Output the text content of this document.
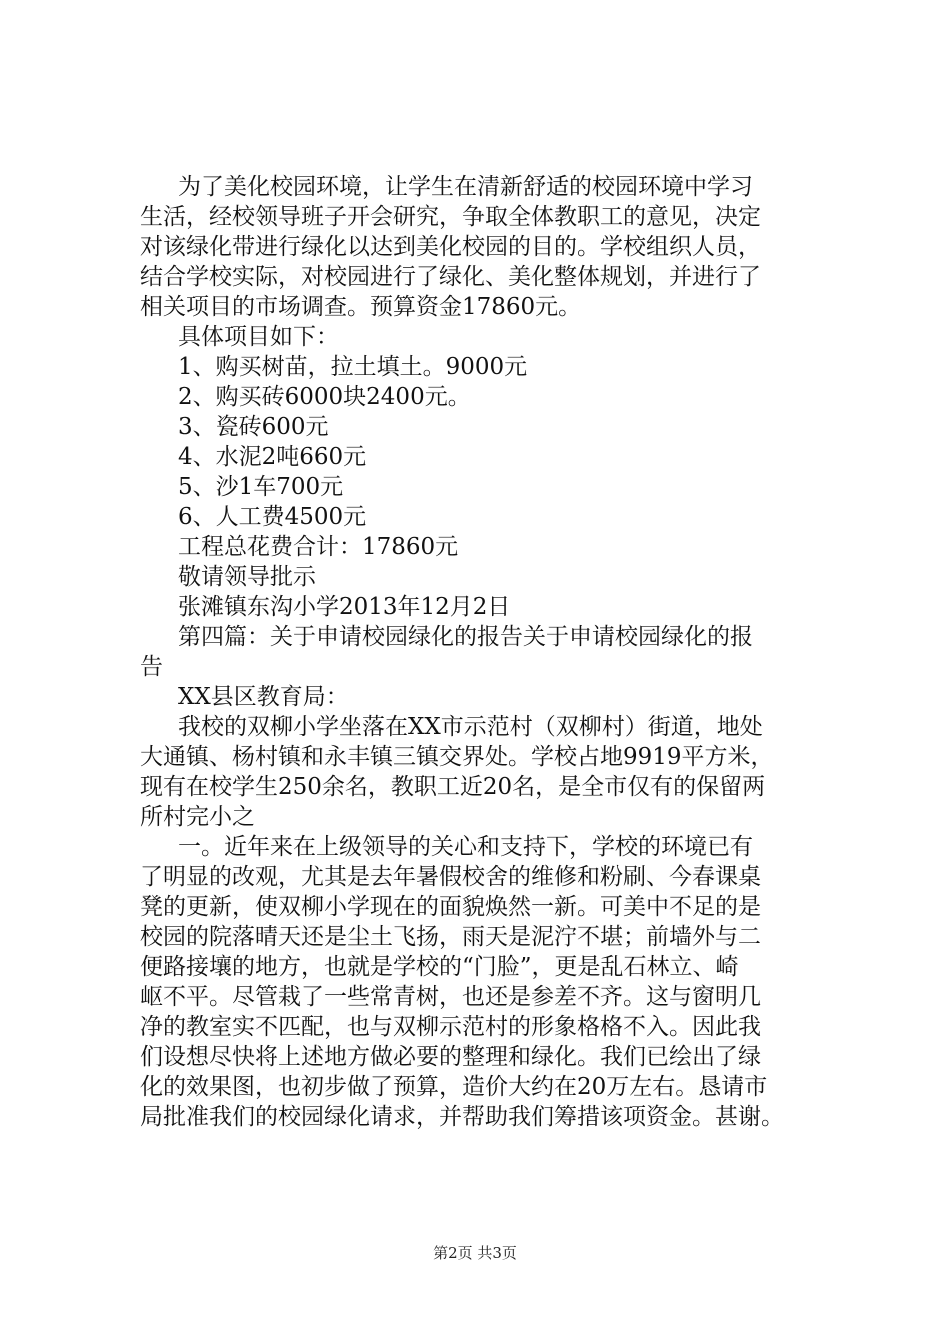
为了美化校园环境，让学生在清新舒适的校园环境中学习
生活，经校领导班子开会研究，争取全体教职工的意见，决定
对该绿化带进行绿化以达到美化校园的目的。学校组织人员，
结合学校实际，对校园进行了绿化、美化整体规划，并进行了
相关项目的市场调查。预算资金17860元。
具体项目如下：
1、购买树苗，拉土填土。9000元
2、购买砖6000块2400元。
3、瓷砖600元
4、水泥2吨660元
5、沙1车700元
6、人工费4500元
工程总花费合计：17860元
敬请领导批示
张滩镇东沟小学2013年12月2日
第四篇：关于申请校园绿化的报告关于申请校园绿化的报
告
XX县区教育局：
我校的双柳小学坐落在XX市示范村（双柳村）街道，地处
大通镇、杨村镇和永丰镇三镇交界处。学校占地9919平方米，
现有在校学生250余名，教职工近20名，是全市仅有的保留两
所村完小之
一。近年来在上级领导的关心和支持下，学校的环境已有
了明显的改观，尤其是去年暑假校舍的维修和粉刷、今春课桌
凳的更新，使双柳小学现在的面貌焕然一新。可美中不足的是
校园的院落晴天还是尘土飞扬，雨天是泥泞不堪；前墙外与二
便路接壤的地方，也就是学校的“门脸”，更是乱石林立、崎
岖不平。尽管栽了一些常青树，也还是参差不齐。这与窗明几
净的教室实不匹配，也与双柳示范村的形象格格不入。因此我
们设想尽快将上述地方做必要的整理和绿化。我们已绘出了绿
化的效果图，也初步做了预算，造价大约在20万左右。恳请市
局批准我们的校园绿化请求，并帮助我们筹措该项资金。甚谢。
第2页 共3页
